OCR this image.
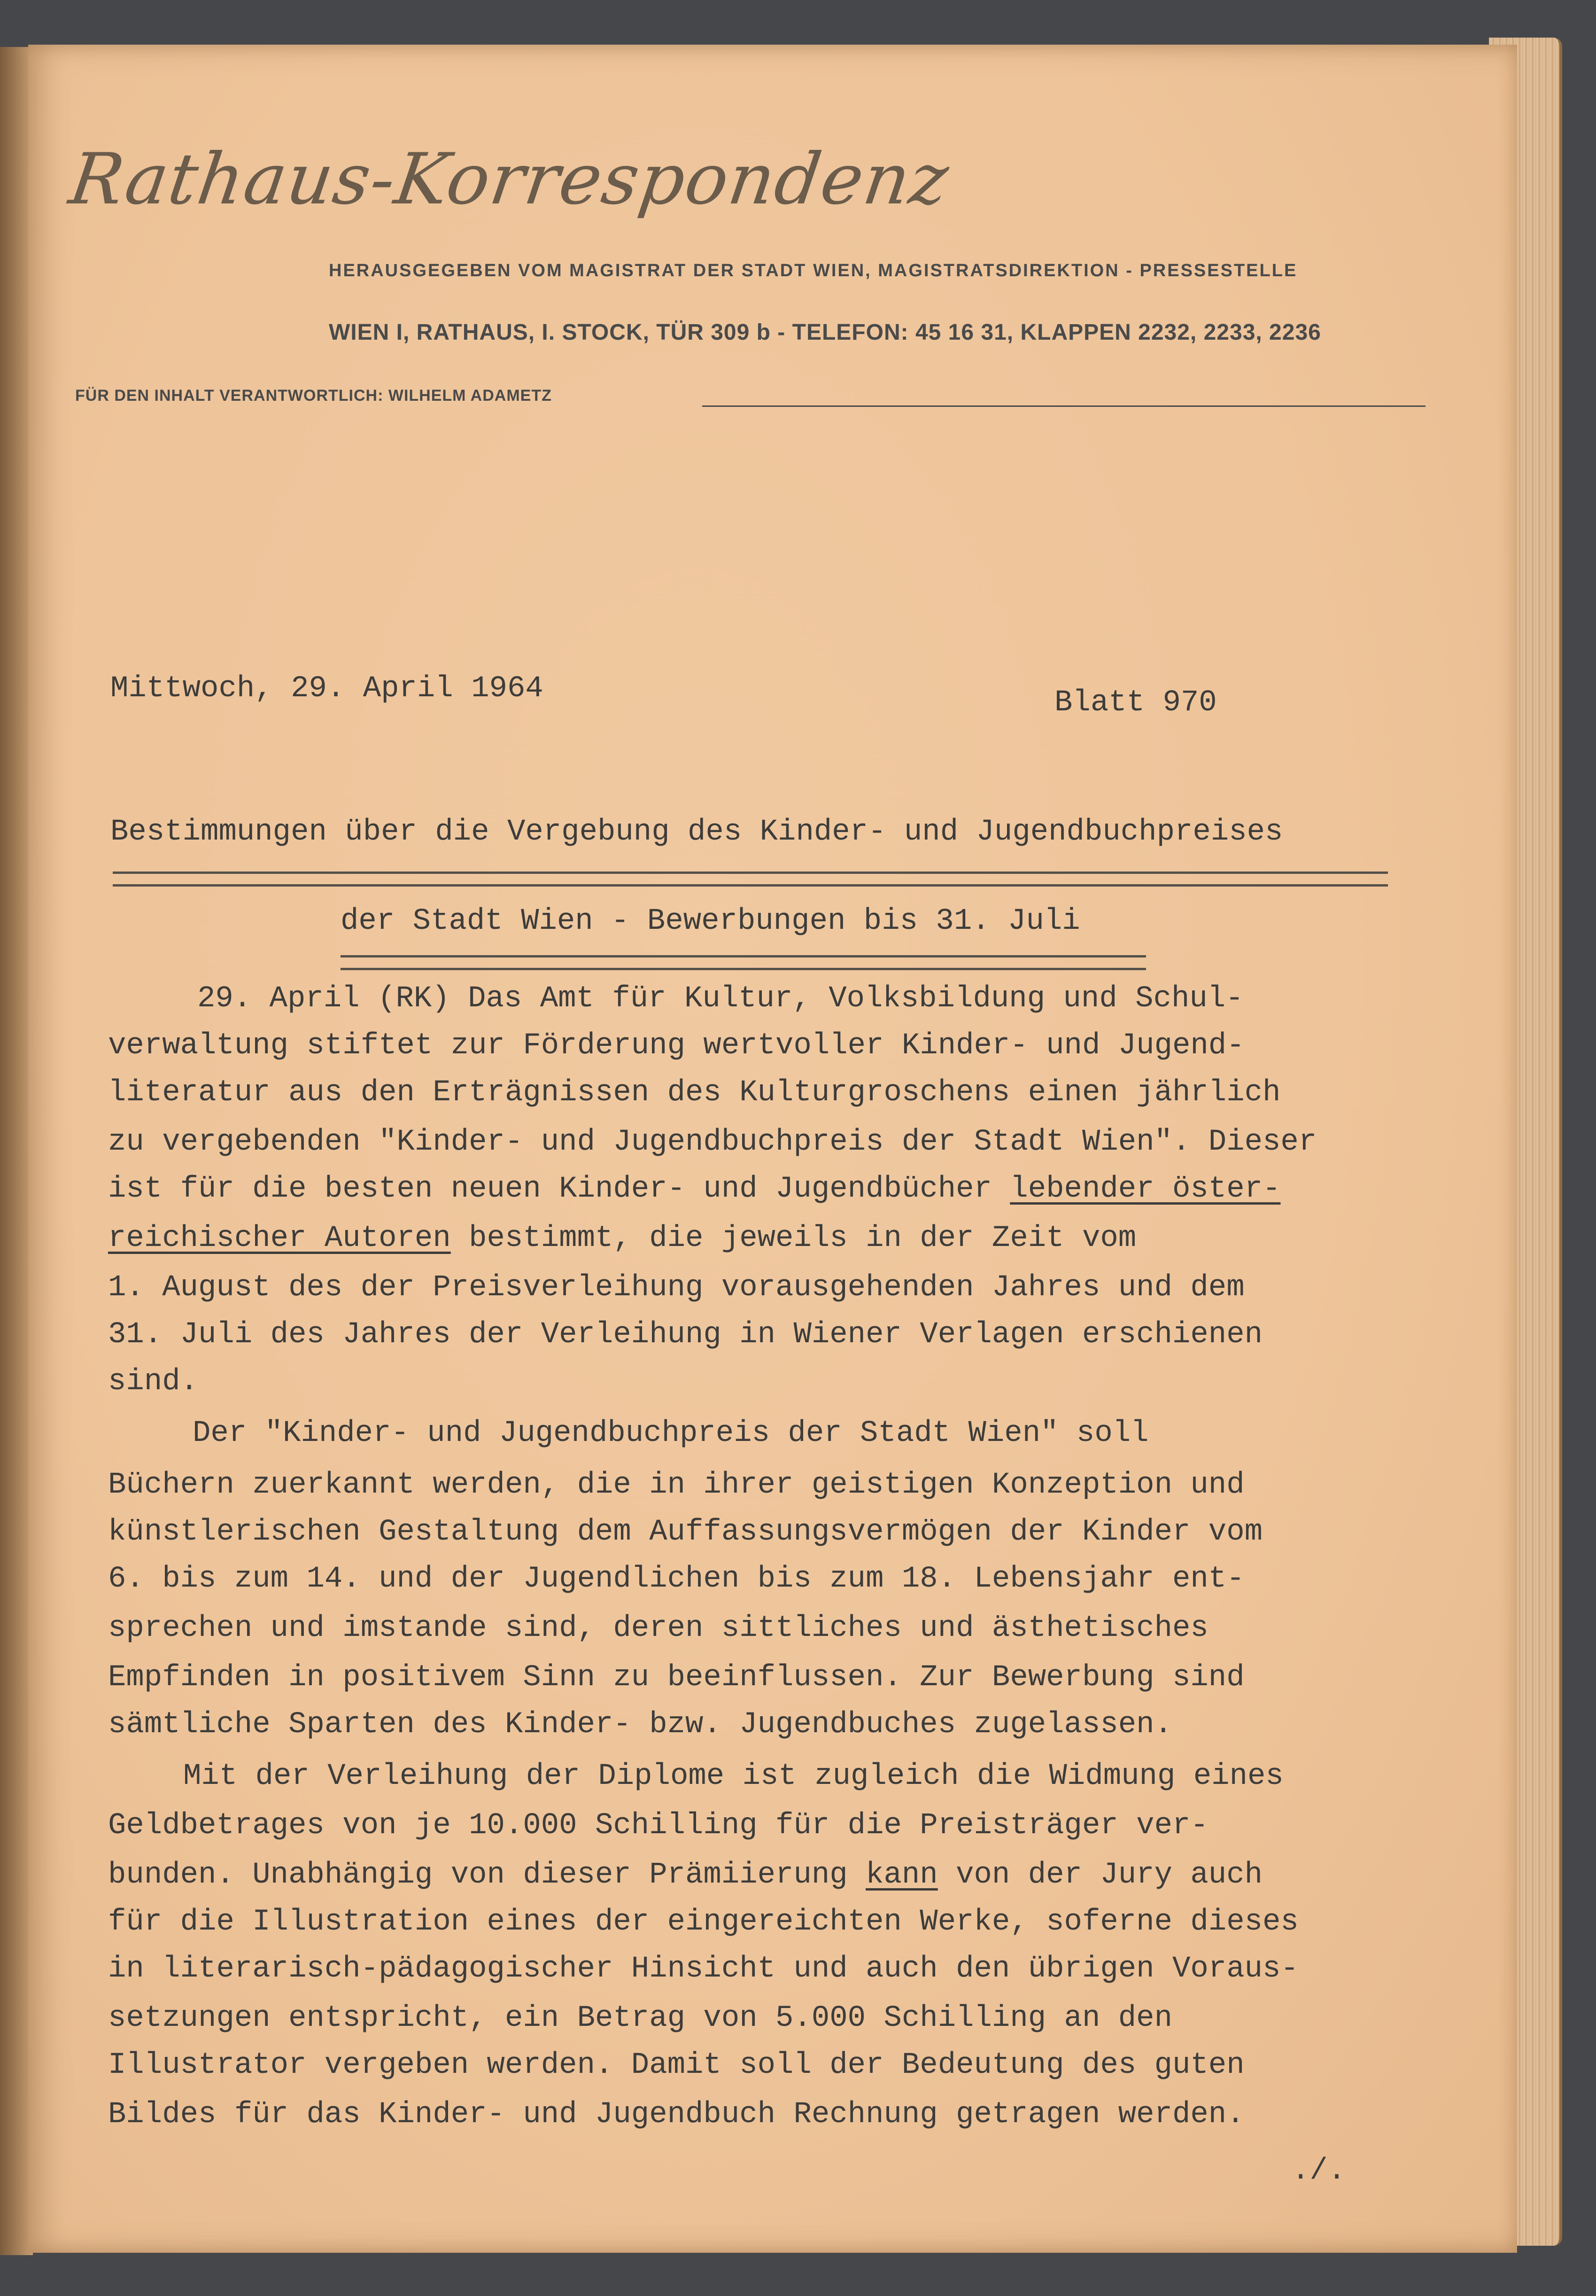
Rathaus-Korrespondenz
HERAUSGEGEBEN VOM MAGISTRAT DER STADT WIEN, MAGISTRATSDIREKTION - PRESSESTELLE
WIEN I, RATHAUS, I. STOCK, TÜR 309 b - TELEFON: 45 16 31, KLAPPEN 2232, 2233, 2236
FÜR DEN INHALT VERANTWORTLICH: WILHELM ADAMETZ
Mittwoch, 29. April 1964	Blatt 970
Bestimmungen über die Vergebung des Kinder- und Jugendbuchpreises
der Stadt Wien - Bewerbungen bis 31. Juli
29. April (RK) Das Amt für Kultur, Volksbildung und Schul-
verwaltung stiftet zur Förderung wertvoller Kinder- und Jugend-
literatur aus den Erträgnissen des Kulturgroschens einen jährlich
zu vergebenden "Kinder- und Jugendbuchpreis der Stadt Wien". Dieser
ist für die besten neuen Kinder- und Jugendbücher lebender öster-
reichischer Autoren bestimmt, die jeweils in der Zeit vom
1. August des der Preisverleihung vorausgehenden Jahres und dem
31. Juli des Jahres der Verleihung in Wiener Verlagen erschienen
sind.
Der "Kinder- und Jugendbuchpreis der Stadt Wien" soll
Büchern zuerkannt werden, die in ihrer geistigen Konzeption und
künstlerischen Gestaltung dem Auffassungsvermögen der Kinder vom
6. bis zum 14. und der Jugendlichen bis zum 18. Lebensjahr ent-
sprechen und imstande sind, deren sittliches und ästhetisches
Empfinden in positivem Sinn zu beeinflussen. Zur Bewerbung sind
sämtliche Sparten des Kinder- bzw. Jugendbuches zugelassen.
Mit der Verleihung der Diplome ist zugleich die Widmung eines
Geldbetrages von je 10.000 Schilling für die Preisträger ver-
bunden. Unabhängig von dieser Prämiierung kann von der Jury auch
für die Illustration eines der eingereichten Werke, soferne dieses
in literarisch-pädagogischer Hinsicht und auch den übrigen Voraus-
setzungen entspricht, ein Betrag von 5.000 Schilling an den
Illustrator vergeben werden. Damit soll der Bedeutung des guten
Bildes für das Kinder- und Jugendbuch Rechnung getragen werden.
./.
